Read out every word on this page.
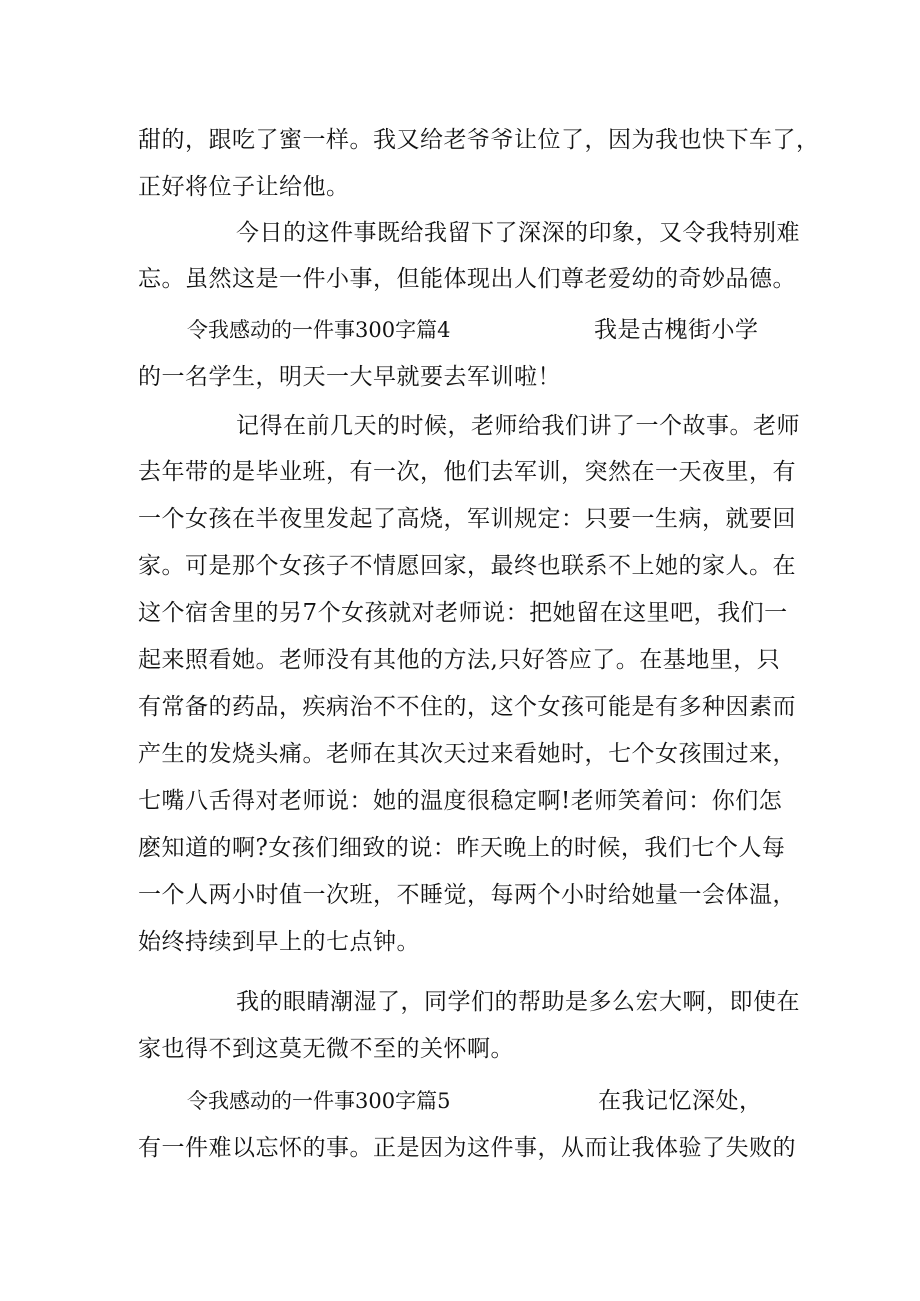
甜的，跟吃了蜜一样。我又给老爷爷让位了，因为我也快下车了，
正好将位子让给他。
今日的这件事既给我留下了深深的印象，又令我特别难
忘。虽然这是一件小事，但能体现出人们尊老爱幼的奇妙品德。
令我感动的一件事300字篇4	我是古槐街小学
的一名学生，明天一大早就要去军训啦！
记得在前几天的时候，老师给我们讲了一个故事。老师
去年带的是毕业班，有一次，他们去军训，突然在一天夜里，有
一个女孩在半夜里发起了高烧，军训规定：只要一生病，就要回
家。可是那个女孩子不情愿回家，最终也联系不上她的家人。在
这个宿舍里的另7个女孩就对老师说：把她留在这里吧，我们一
起来照看她。老师没有其他的方法,只好答应了。在基地里，只
有常备的药品，疾病治不不住的，这个女孩可能是有多种因素而
产生的发烧头痛。老师在其次天过来看她时，七个女孩围过来，
七嘴八舌得对老师说：她的温度很稳定啊!老师笑着问：你们怎
麽知道的啊?女孩们细致的说：昨天晚上的时候，我们七个人每
一个人两小时值一次班，不睡觉，每两个小时给她量一会体温，
始终持续到早上的七点钟。
我的眼睛潮湿了，同学们的帮助是多么宏大啊，即使在
家也得不到这莫无微不至的关怀啊。
令我感动的一件事300字篇5	在我记忆深处，
有一件难以忘怀的事。正是因为这件事，从而让我体验了失败的
